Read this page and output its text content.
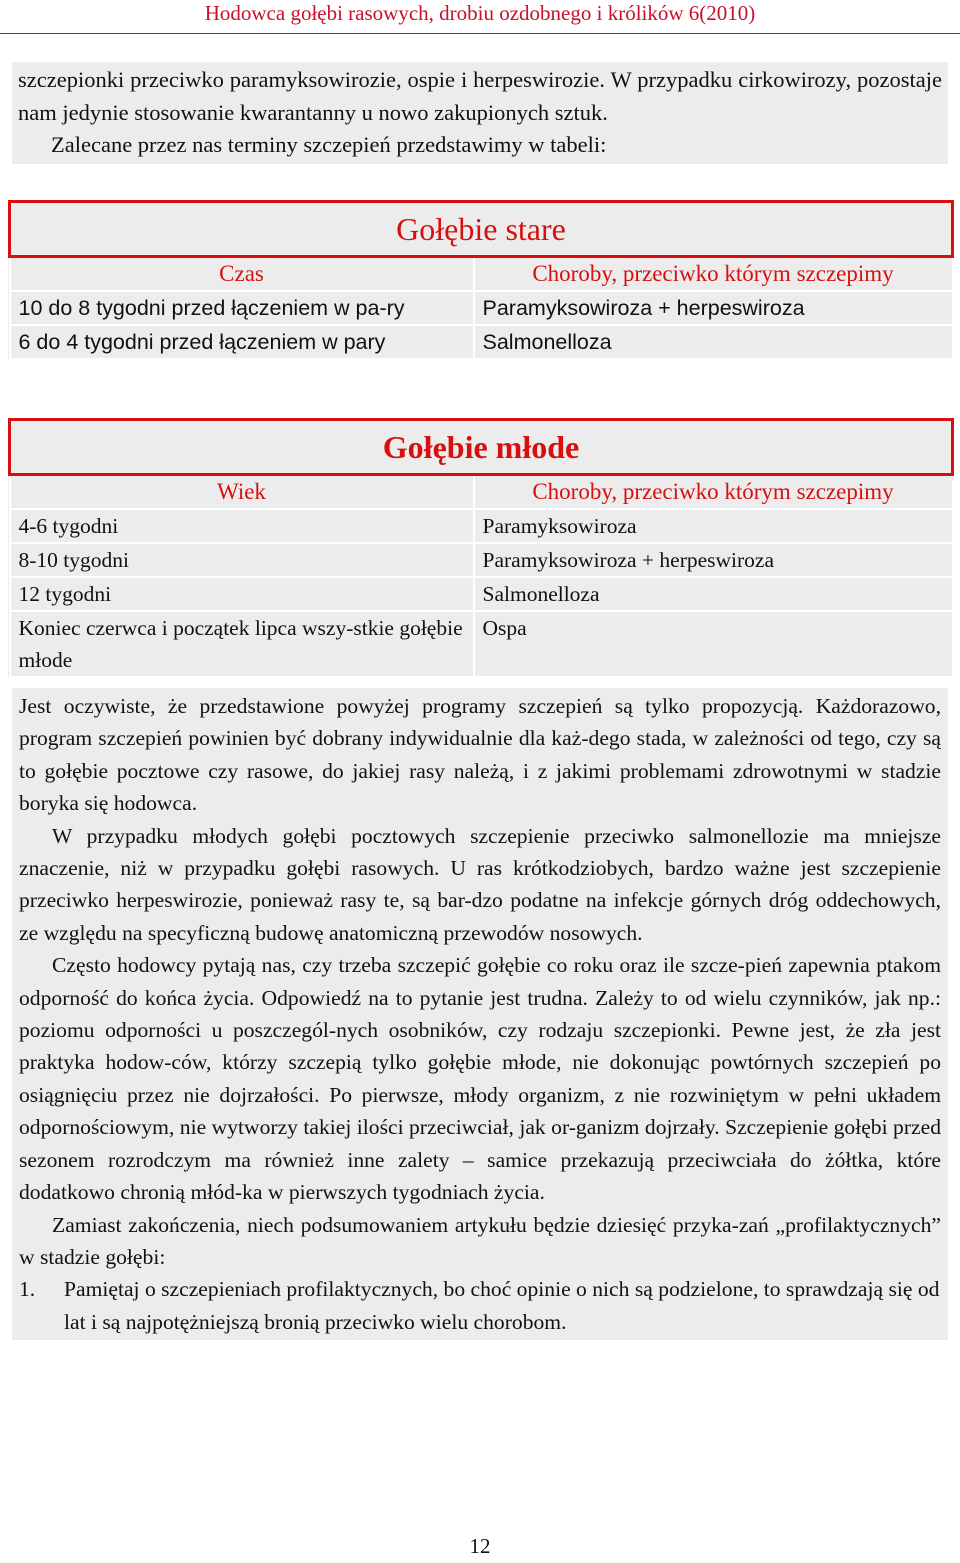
Hodowca gołębi rasowych, drobiu ozdobnego i królików 6(2010)

szczepionki przeciwko paramyksowirozie, ospie i herpeswirozie. W przypadku cirkowirozy, pozostaje nam jedynie stosowanie kwarantanny u nowo zakupionych sztuk.

Zalecane przez nas terminy szczepień przedstawimy w tabeli:

Gołębie stare	
Czas	Choroby, przeciwko którym szczepimy
10 do 8 tygodni przed łączeniem w pa-ry	Paramyksowiroza + herpeswiroza
6 do 4 tygodni przed łączeniem w pary	Salmonelloza
Gołębie młode	
Wiek	Choroby, przeciwko którym szczepimy
4-6 tygodni	Paramyksowiroza
8-10 tygodni	Paramyksowiroza + herpeswiroza
12 tygodni	Salmonelloza
Koniec czerwca i początek lipca wszy-stkie gołębie młode	Ospa

Jest oczywiste, że przedstawione powyżej programy szczepień są tylko propozycją. Każdorazowo, program szczepień powinien być dobrany indywidualnie dla każ-dego stada, w zależności od tego, czy są to gołębie pocztowe czy rasowe, do jakiej rasy należą, i z jakimi problemami zdrowotnymi w stadzie boryka się hodowca.

W przypadku młodych gołębi pocztowych szczepienie przeciwko salmonellozie ma mniejsze znaczenie, niż w przypadku gołębi rasowych. U ras krótkodziobych, bardzo ważne jest szczepienie przeciwko herpeswirozie, ponieważ rasy te, są bar-dzo podatne na infekcje górnych dróg oddechowych, ze względu na specyficzną budowę anatomiczną przewodów nosowych.

Często hodowcy pytają nas, czy trzeba szczepić gołębie co roku oraz ile szcze-pień zapewnia ptakom odporność do końca życia. Odpowiedź na to pytanie jest trudna. Zależy to od wielu czynników, jak np.: poziomu odporności u poszczegól-nych osobników, czy rodzaju szczepionki. Pewne jest, że zła jest praktyka hodow-ców, którzy szczepią tylko gołębie młode, nie dokonując powtórnych szczepień po osiągnięciu przez nie dojrzałości. Po pierwsze, młody organizm, z nie rozwiniętym w pełni układem odpornościowym, nie wytworzy takiej ilości przeciwciał, jak or-ganizm dojrzały. Szczepienie gołębi przed sezonem rozrodczym ma również inne zalety – samice przekazują przeciwciała do żółtka, które dodatkowo chronią młód-ka w pierwszych tygodniach życia.

Zamiast zakończenia, niech podsumowaniem artykułu będzie dziesięć przyka-zań „profilaktycznych” w stadzie gołębi:

1.	Pamiętaj o szczepieniach profilaktycznych, bo choć opinie o nich są podzielone, to sprawdzają się od lat i są najpotężniejszą bronią przeciwko wielu chorobom.
12
